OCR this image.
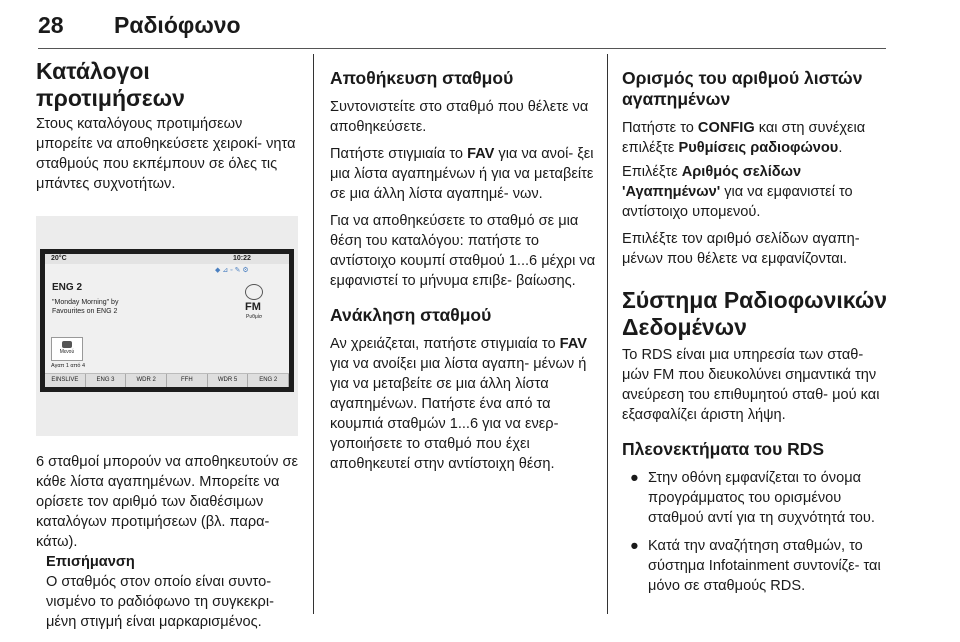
28 Ραδιόφωνο
Κατάλογοι προτιμήσεων

Στους καταλόγους προτιμήσεων μπορείτε να αποθηκεύσετε χειροκί- νητα σταθμούς που εκπέμπουν σε όλες τις μπάντες συχνοτήτων.

20°C	10:22
◆ ⊿ ◦ ✎ ⚙
ENG 2
"Monday Morning" by
Favourites on ENG 2	FM
Ρυθμίσ
Μενού
Αγαπ 1 από 4
EINSLIVE	ENG 3	WDR 2	FFH	WDR 5	ENG 2

6 σταθμοί μπορούν να αποθηκευτούν σε κάθε λίστα αγαπημένων. Μπορείτε να ορίσετε τον αριθμό των διαθέσιμων καταλόγων προτιμήσεων (βλ. παρα- κάτω).

Επισήμανση

Ο σταθμός στον οποίο είναι συντο- νισμένο το ραδιόφωνο τη συγκεκρι- μένη στιγμή είναι μαρκαρισμένος.

Αποθήκευση σταθμού

Συντονιστείτε στο σταθμό που θέλετε να αποθηκεύσετε.

Πατήστε στιγμιαία το FAV για να ανοί- ξει μια λίστα αγαπημένων ή για να μεταβείτε σε μια άλλη λίστα αγαπημέ- νων.

Για να αποθηκεύσετε το σταθμό σε μια θέση του καταλόγου: πατήστε το αντίστοιχο κουμπί σταθμού 1...6 μέχρι να εμφανιστεί το μήνυμα επιβε- βαίωσης.

Ανάκληση σταθμού

Αν χρειάζεται, πατήστε στιγμιαία το FAV για να ανοίξει μια λίστα αγαπη- μένων ή για να μεταβείτε σε μια άλλη λίστα αγαπημένων. Πατήστε ένα από τα κουμπιά σταθμών 1...6 για να ενερ- γοποιήσετε το σταθμό που έχει αποθηκευτεί στην αντίστοιχη θέση.

Ορισμός του αριθμού λιστών αγαπημένων

Πατήστε το CONFIG και στη συνέχεια επιλέξτε Ρυθμίσεις ραδιοφώνου.

Επιλέξτε Αριθμός σελίδων 'Αγαπημένων' για να εμφανιστεί το αντίστοιχο υπομενού.

Επιλέξτε τον αριθμό σελίδων αγαπη- μένων που θέλετε να εμφανίζονται.

Σύστημα Ραδιοφωνικών Δεδομένων

Το RDS είναι μια υπηρεσία των σταθ- μών FM που διευκολύνει σημαντικά την ανεύρεση του επιθυμητού σταθ- μού και εξασφαλίζει άριστη λήψη.

Πλεονεκτήματα του RDS
● Στην οθόνη εμφανίζεται το όνομα προγράμματος του ορισμένου σταθμού αντί για τη συχνότητά του.
● Κατά την αναζήτηση σταθμών, το σύστημα Infotainment συντονίζε- ται μόνο σε σταθμούς RDS.
